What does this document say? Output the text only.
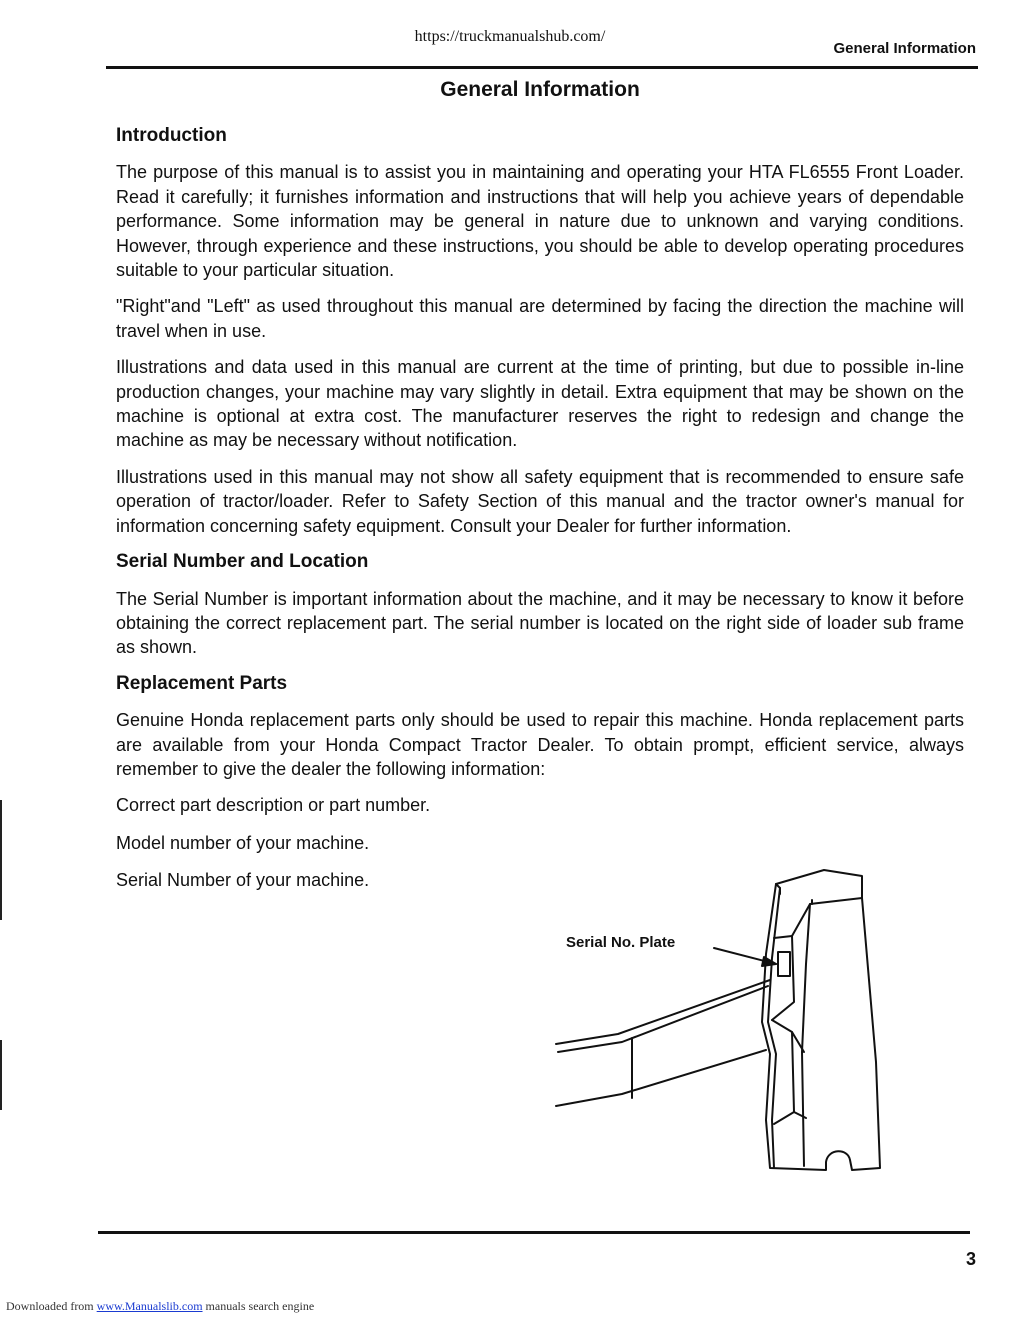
https://truckmanualshub.com/
General Information
General Information
Introduction

The purpose of this manual is to assist you in maintaining and operating your HTA FL6555 Front Loader. Read it carefully; it furnishes information and instructions that will help you achieve years of dependable performance. Some information may be general in nature due to unknown and varying conditions. However, through experience and these instructions, you should be able to develop operating procedures suitable to your particular situation.

"Right"and "Left" as used throughout this manual are determined by facing the direction the machine will travel when in use.

Illustrations and data used in this manual are current at the time of printing, but due to possible in-line production changes, your machine may vary slightly in detail. Extra equipment that may be shown on the machine is optional at extra cost. The manufacturer reserves the right to redesign and change the machine as may be necessary without notification.

Illustrations used in this manual may not show all safety equipment that is recommended to ensure safe operation of tractor/loader. Refer to Safety Section of this manual and the tractor owner's manual for information concerning safety equipment. Consult your Dealer for further information.

Serial Number and Location

The Serial Number is important information about the machine, and it may be necessary to know it before obtaining the correct replacement part. The serial number is located on the right side of loader sub frame as shown.

Replacement Parts

Genuine Honda replacement parts only should be used to repair this machine. Honda replacement parts are available from your Honda Compact Tractor Dealer. To obtain prompt, efficient service, always remember to give the dealer the following information:

Correct part description or part number.

Model number of your machine.

Serial Number of your machine.

Serial No. Plate
3
Downloaded from www.Manualslib.com manuals search engine
